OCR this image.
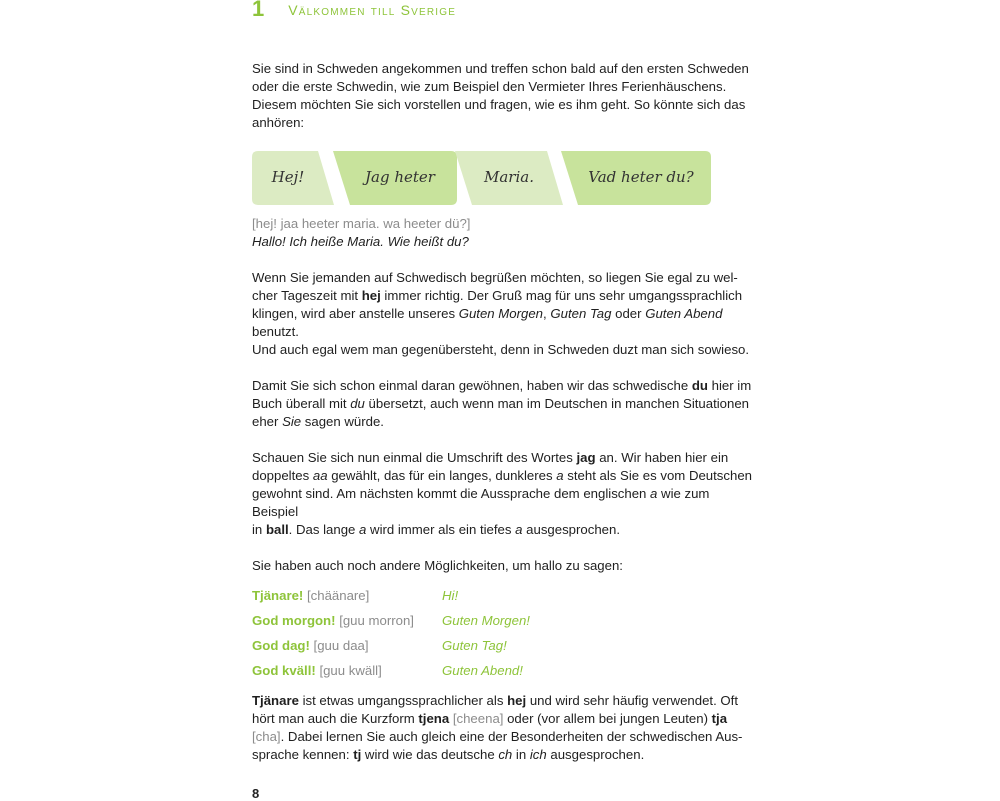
1 Välkommen till Sverige

Sie sind in Schweden angekommen und treffen schon bald auf den ersten Schweden
oder die erste Schwedin, wie zum Beispiel den Vermieter Ihres Ferienhäuschens.
Diesem möchten Sie sich vorstellen und fragen, wie es ihm geht. So könnte sich das
anhören:

Hej!	Jag heter	Maria.	Vad heter du?

[hej! jaa heeter maria. wa heeter dü?]

Hallo! Ich heiße Maria. Wie heißt du?

Wenn Sie jemanden auf Schwedisch begrüßen möchten, so liegen Sie egal zu wel-
cher Tageszeit mit hej immer richtig. Der Gruß mag für uns sehr umgangssprachlich
klingen, wird aber anstelle unseres Guten Morgen, Guten Tag oder Guten Abend benutzt.
Und auch egal wem man gegenübersteht, denn in Schweden duzt man sich sowieso.

Damit Sie sich schon einmal daran gewöhnen, haben wir das schwedische du hier im
Buch überall mit du übersetzt, auch wenn man im Deutschen in manchen Situationen
eher Sie sagen würde.

Schauen Sie sich nun einmal die Umschrift des Wortes jag an. Wir haben hier ein
doppeltes aa gewählt, das für ein langes, dunkleres a steht als Sie es vom Deutschen
gewohnt sind. Am nächsten kommt die Aussprache dem englischen a wie zum Beispiel
in ball. Das lange a wird immer als ein tiefes a ausgesprochen.

Sie haben auch noch andere Möglichkeiten, um hallo zu sagen:

Tjänare! [chäänare]	Hi!
God morgon! [guu morron]	Guten Morgen!
God dag! [guu daa]	Guten Tag!
God kväll! [guu kwäll]	Guten Abend!

Tjänare ist etwas umgangssprachlicher als hej und wird sehr häufig verwendet. Oft
hört man auch die Kurzform tjena [cheena] oder (vor allem bei jungen Leuten) tja
[cha]. Dabei lernen Sie auch gleich eine der Besonderheiten der schwedischen Aus-
sprache kennen: tj wird wie das deutsche ch in ich ausgesprochen.

8
